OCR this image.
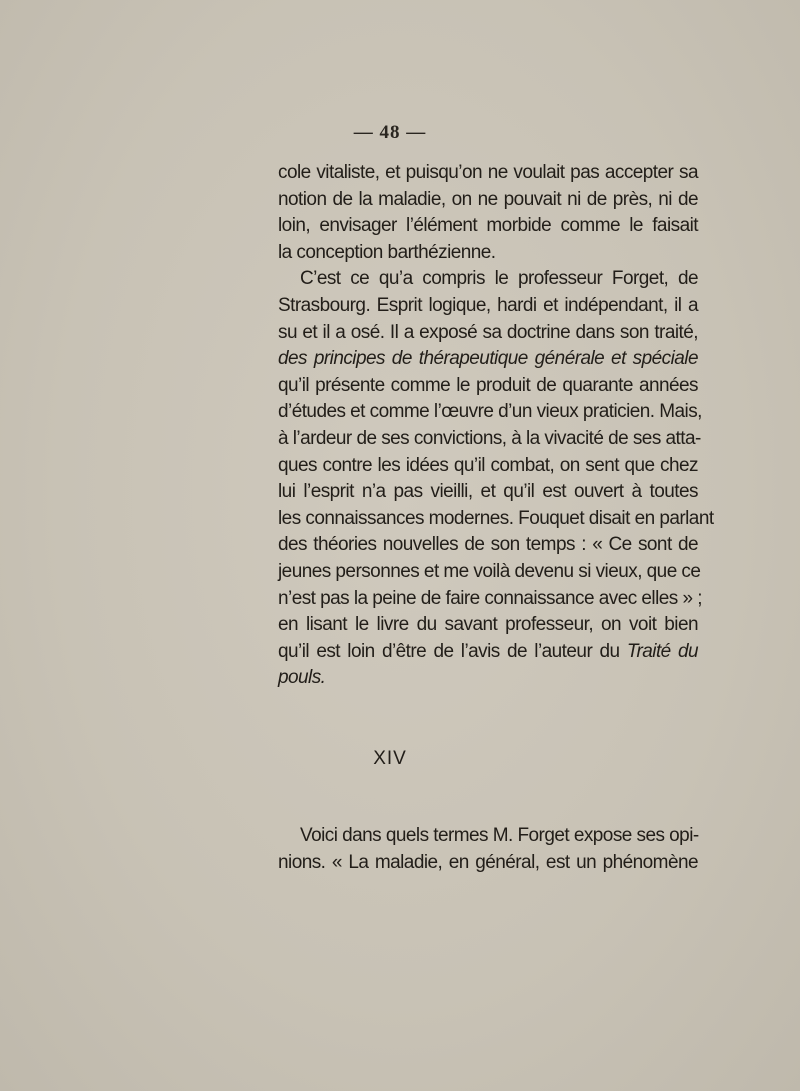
— 48 —
cole vitaliste, et puisqu’on ne voulait pas accepter sa
notion de la maladie, on ne pouvait ni de près, ni de
loin, envisager l’élément morbide comme le faisait
la conception barthézienne.
C’est ce qu’a compris le professeur Forget, de
Strasbourg. Esprit logique, hardi et indépendant, il a
su et il a osé. Il a exposé sa doctrine dans son traité,
des principes de thérapeutique générale et spéciale
qu’il présente comme le produit de quarante années
d’études et comme l’œuvre d’un vieux praticien. Mais,
à l’ardeur de ses convictions, à la vivacité de ses atta-
ques contre les idées qu’il combat, on sent que chez
lui l’esprit n’a pas vieilli, et qu’il est ouvert à toutes
les connaissances modernes. Fouquet disait en parlant
des théories nouvelles de son temps : « Ce sont de
jeunes personnes et me voilà devenu si vieux, que ce
n’est pas la peine de faire connaissance avec elles » ;
en lisant le livre du savant professeur, on voit bien
qu’il est loin d’être de l’avis de l’auteur du Traité du
pouls.
XIV
Voici dans quels termes M. Forget expose ses opi-
nions. « La maladie, en général, est un phénomène
